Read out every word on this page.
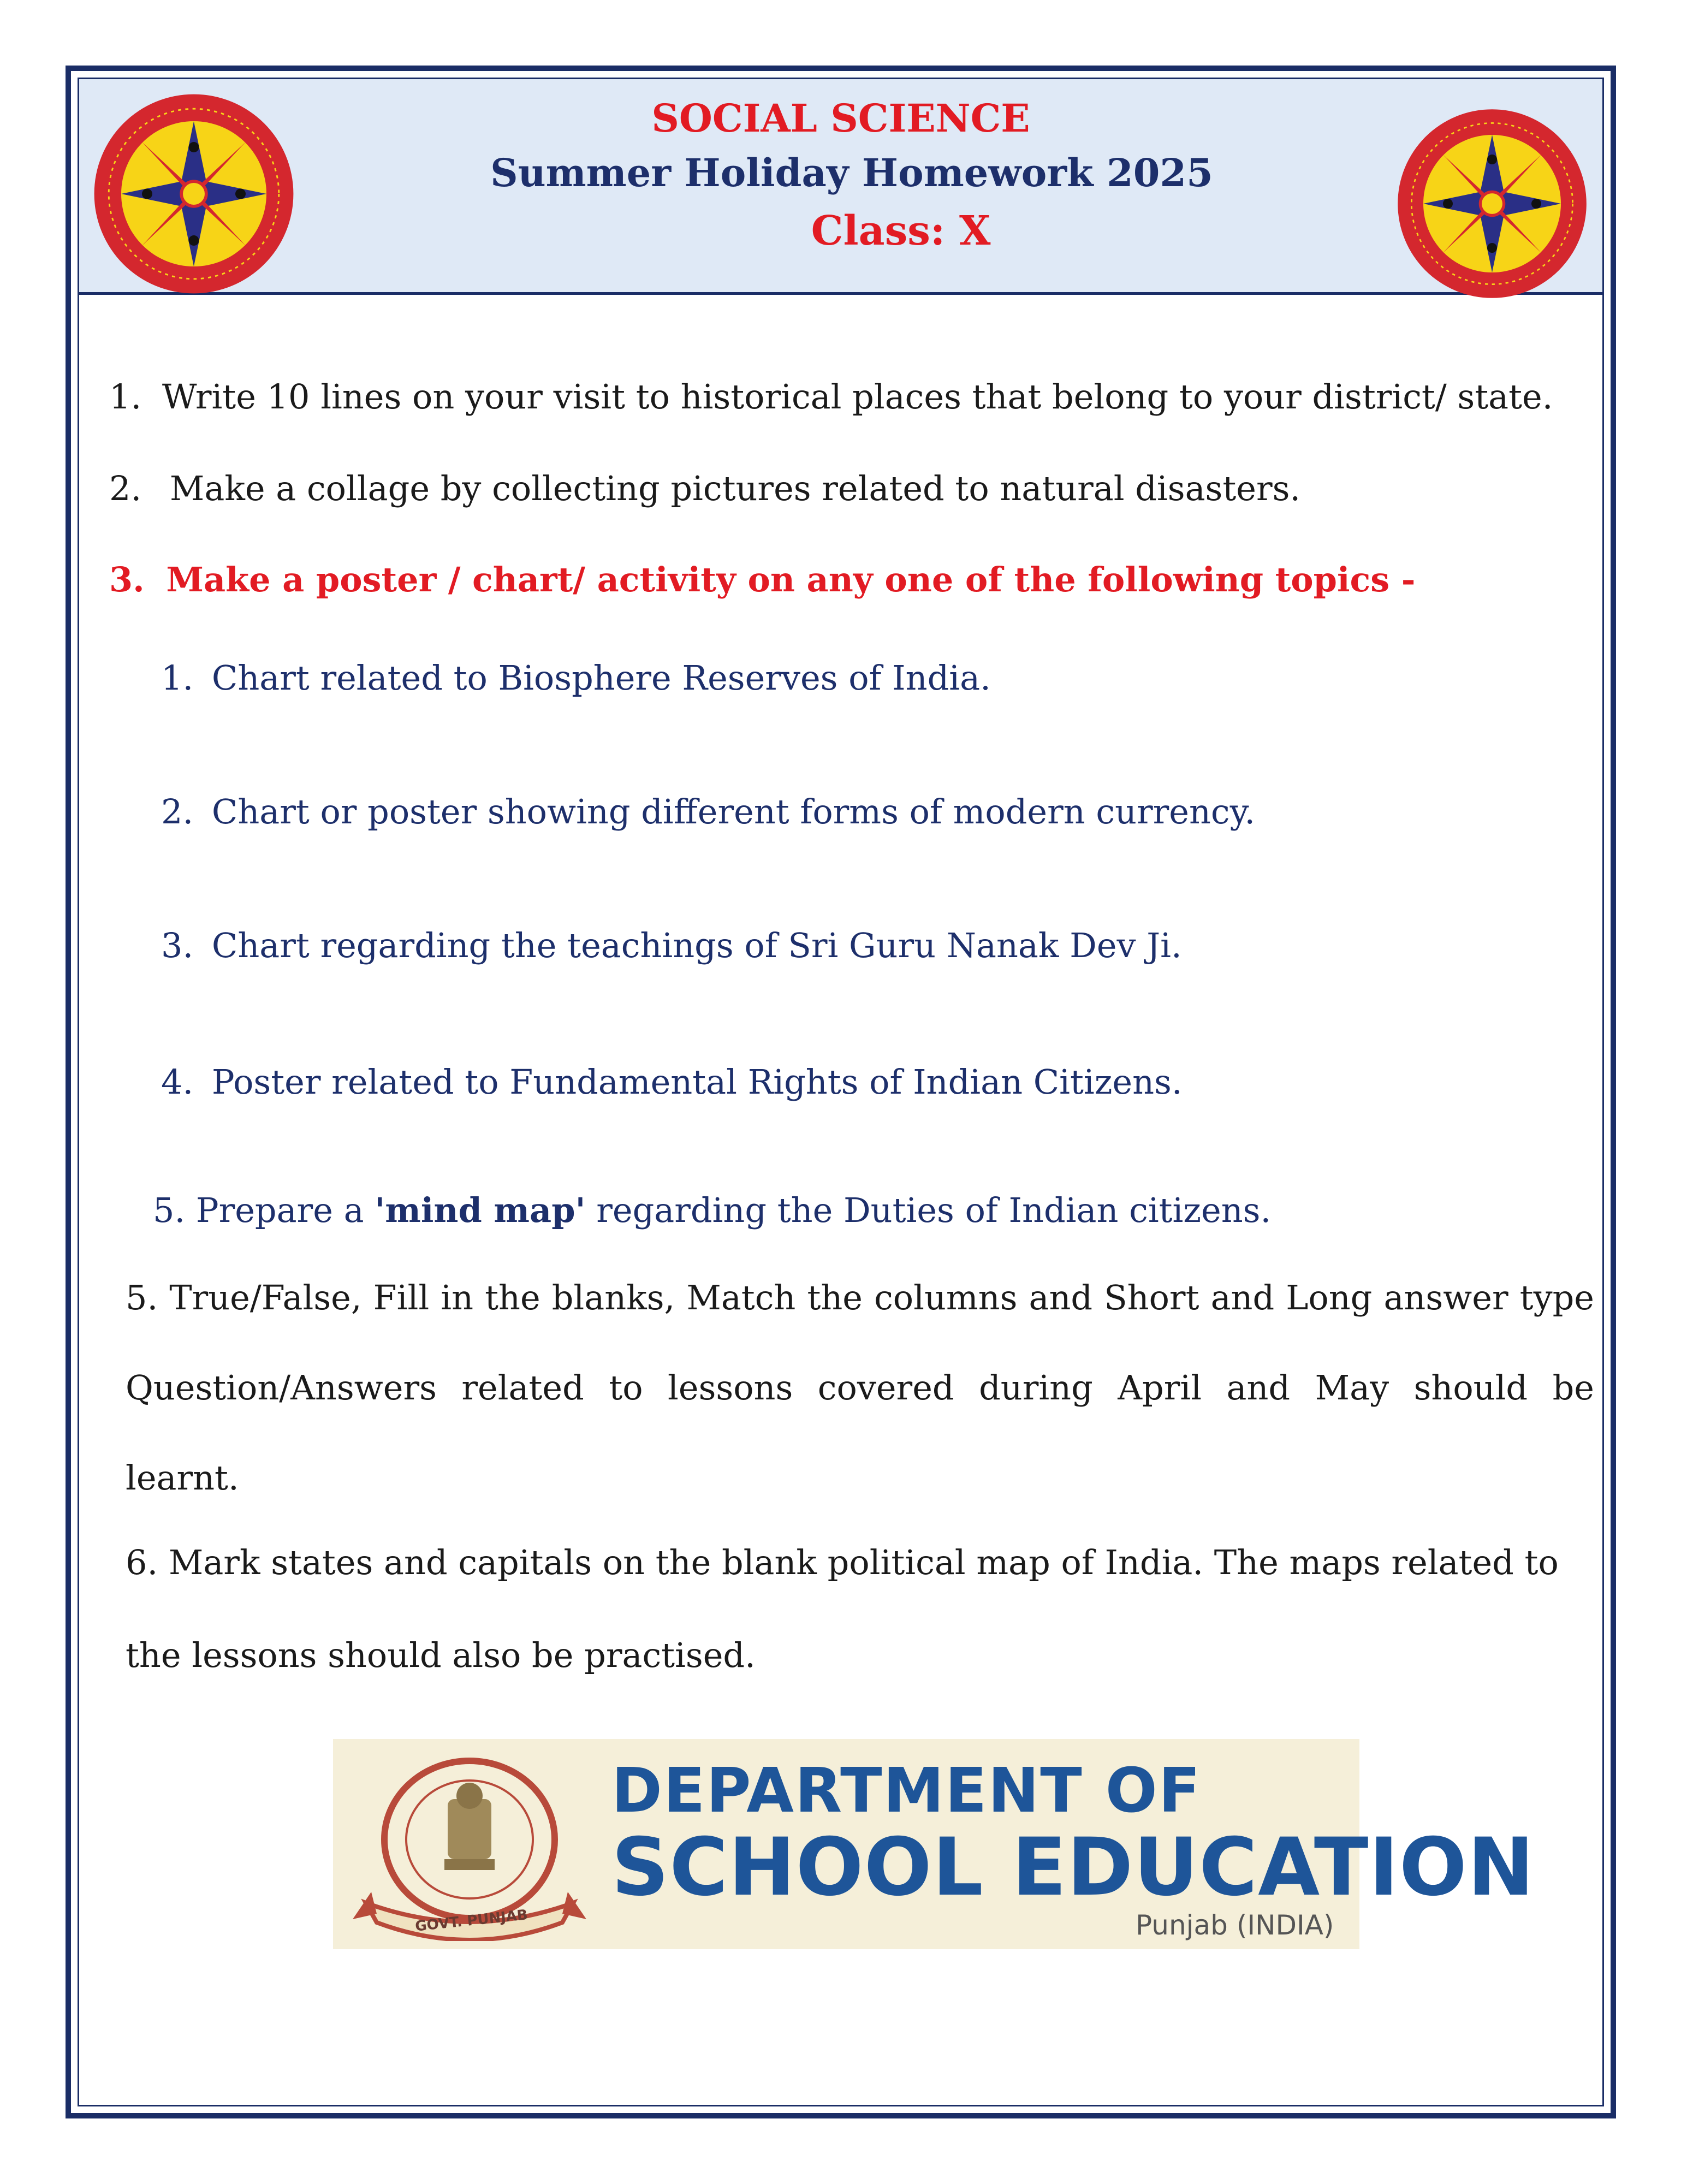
SOCIAL SCIENCE
Summer Holiday Homework 2025
Class: X
1. Write 10 lines on your visit to historical places that belong to your district/ state.
2. Make a collage by collecting pictures related to natural disasters.
3. Make a poster / chart/ activity on any one of the following topics -
1. Chart related to Biosphere Reserves of India.
2. Chart or poster showing different forms of modern currency.
3. Chart regarding the teachings of Sri Guru Nanak Dev Ji.
4. Poster related to Fundamental Rights of Indian Citizens.
5. Prepare a 'mind map' regarding the Duties of Indian citizens.
5. True/False, Fill in the blanks, Match the columns and Short and Long answer type
Question/Answers related to lessons covered during April and May should be
learnt.
6. Mark states and capitals on the blank political map of India. The maps related to
the lessons should also be practised.
GOVT. PUNJAB
DEPARTMENT OF
SCHOOL EDUCATION
Punjab (INDIA)
